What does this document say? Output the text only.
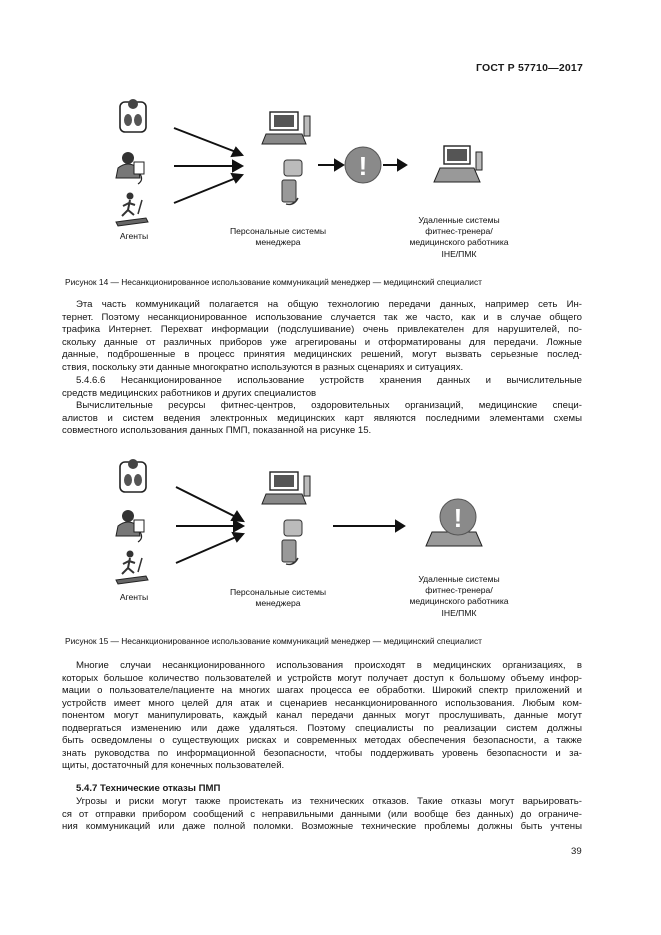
ГОСТ Р 57710—2017
!
Агенты	Персональные системы
менеджера
Удаленные системы
фитнес-тренера/
медицинского работника
IHE/ПМК
Рисунок 14 — Несанкционированное использование коммуникаций менеджер — медицинский специалист
Эта часть коммуникаций полагается на общую технологию передачи данных, например сеть Ин-
тернет. Поэтому несанкционированное использование случается так же часто, как и в случае общего
трафика Интернет. Перехват информации (подслушивание) очень привлекателен для нарушителей, по-
скольку данные от различных приборов уже агрегированы и отформатированы для передачи. Ложные
данные, подброшенные в процесс принятия медицинских решений, могут вызвать серьезные послед-
ствия, поскольку эти данные многократно используются в разных сценариях и ситуациях.
5.4.6.6 Несанкционированное использование устройств хранения данных и вычислительные
средств медицинских работников и других специалистов
Вычислительные ресурсы фитнес-центров, оздоровительных организаций, медицинские специ-
алистов и систем ведения электронных медицинских карт являются последними элементами схемы
совместного использования данных ПМП, показанной на рисунке 15.
!
Агенты	Персональные системы
менеджера
Удаленные системы
фитнес-тренера/
медицинского работника
IHE/ПМК
Рисунок 15 — Несанкционированное использование коммуникаций менеджер — медицинский специалист
Многие случаи несанкционированного использования происходят в медицинских организациях, в
которых большое количество пользователей и устройств могут получает доступ к большому объему инфор-
мации о пользователе/пациенте на многих шагах процесса ее обработки. Широкий спектр приложений и
устройств имеет много целей для атак и сценариев несанкционированного использования. Любым ком-
понентом могут манипулировать, каждый канал передачи данных могут прослушивать, данные могут
подвергаться изменению или даже удаляться. Поэтому специалисты по реализации систем должны
быть осведомлены о существующих рисках и современных методах обеспечения безопасности, а также
знать руководства по информационной безопасности, чтобы поддерживать уровень безопасности и за-
щиты, достаточный для конечных пользователей.
5.4.7 Технические отказы ПМП
Угрозы и риски могут также проистекать из технических отказов. Такие отказы могут варьировать-
ся от отправки прибором сообщений с неправильными данными (или вообще без данных) до ограниче-
ния коммуникаций или даже полной поломки. Возможные технические проблемы должны быть учтены
39
